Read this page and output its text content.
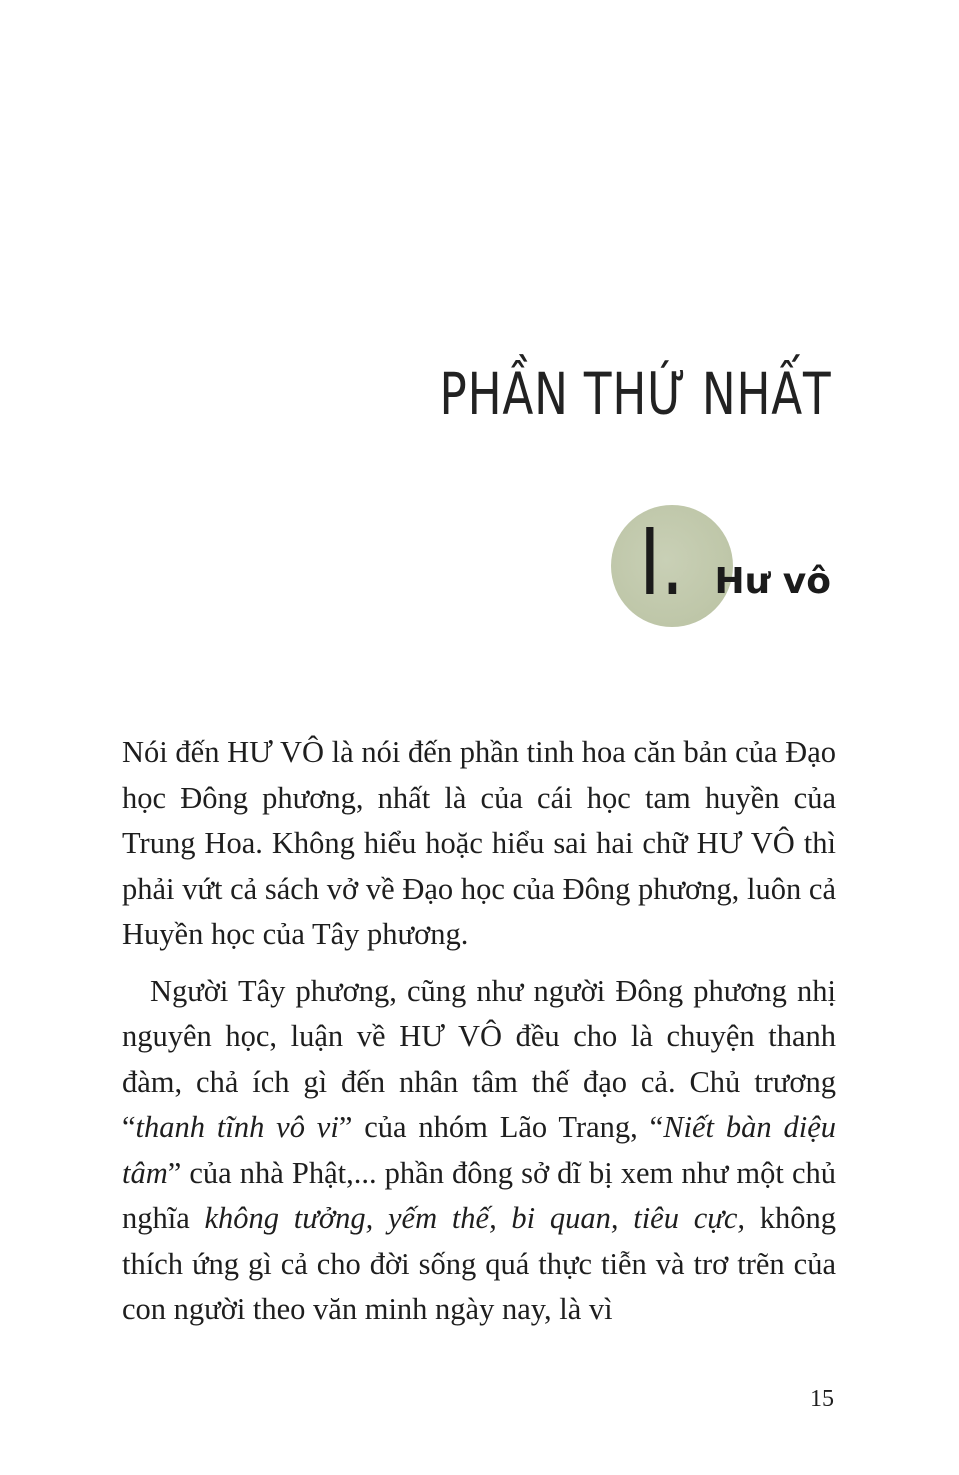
PHẦN THỨ NHẤT
I. Hư vô

Nói đến HƯ VÔ là nói đến phần tinh hoa căn bản của Đạo học Đông phương, nhất là của cái học tam huyền của Trung Hoa. Không hiểu hoặc hiểu sai hai chữ HƯ VÔ thì phải vứt cả sách vở về Đạo học của Đông phương, luôn cả Huyền học của Tây phương.

Người Tây phương, cũng như người Đông phương nhị nguyên học, luận về HƯ VÔ đều cho là chuyện thanh đàm, chả ích gì đến nhân tâm thế đạo cả. Chủ trương “thanh tĩnh vô vi” của nhóm Lão Trang, “Niết bàn diệu tâm” của nhà Phật,... phần đông sở dĩ bị xem như một chủ nghĩa không tưởng, yếm thế, bi quan, tiêu cực, không thích ứng gì cả cho đời sống quá thực tiễn và trơ trẽn của con người theo văn minh ngày nay, là vì

15
